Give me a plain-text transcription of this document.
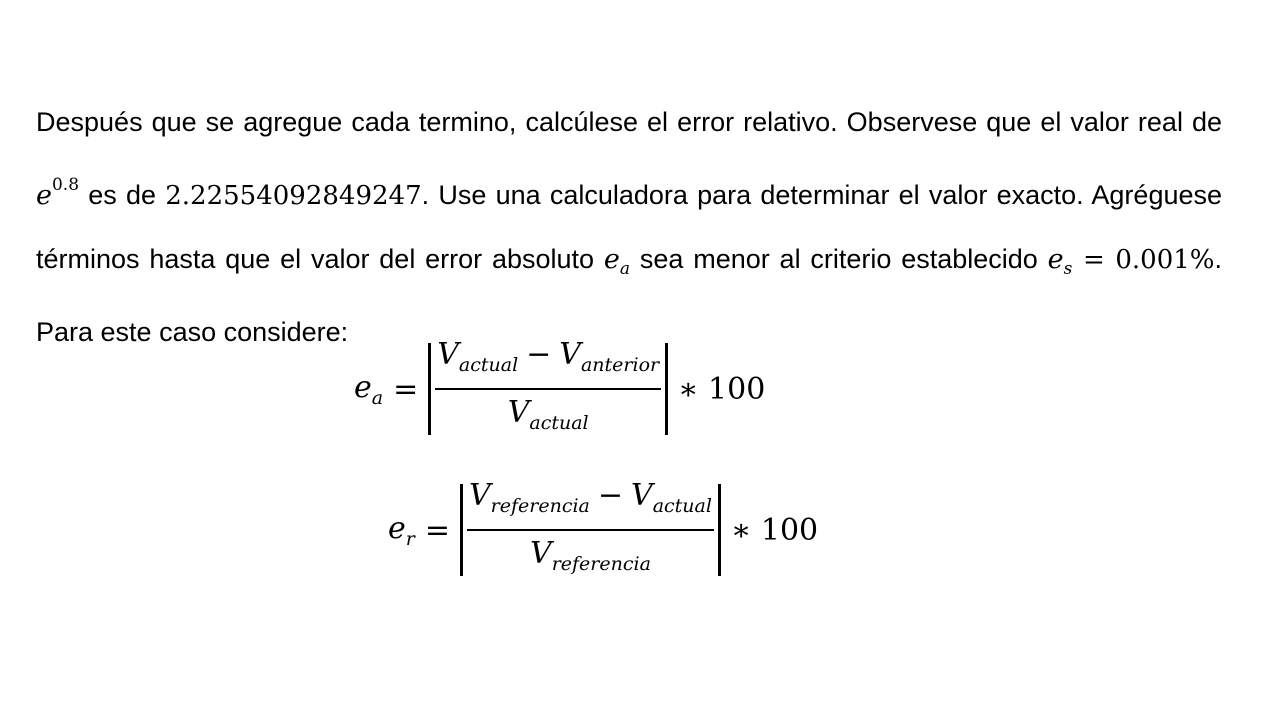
Después que se agregue cada termino, calcúlese el error relativo. Observese que el valor real de $e^{0.8}$ es de 2.22554092849247. Use una calculadora para determinar el valor exacto. Agréguese términos hasta que el valor del error absoluto $e_a$ sea menor al criterio establecido $e_s = 0.001\%$. Para este caso considere:

$e_a = \frac{V_{actual} - V_{anterior}}{V_{actual}}$ ∗ 100
$e_r = \frac{V_{referencia} - V_{actual}}{V_{referencia}}$ ∗ 100
